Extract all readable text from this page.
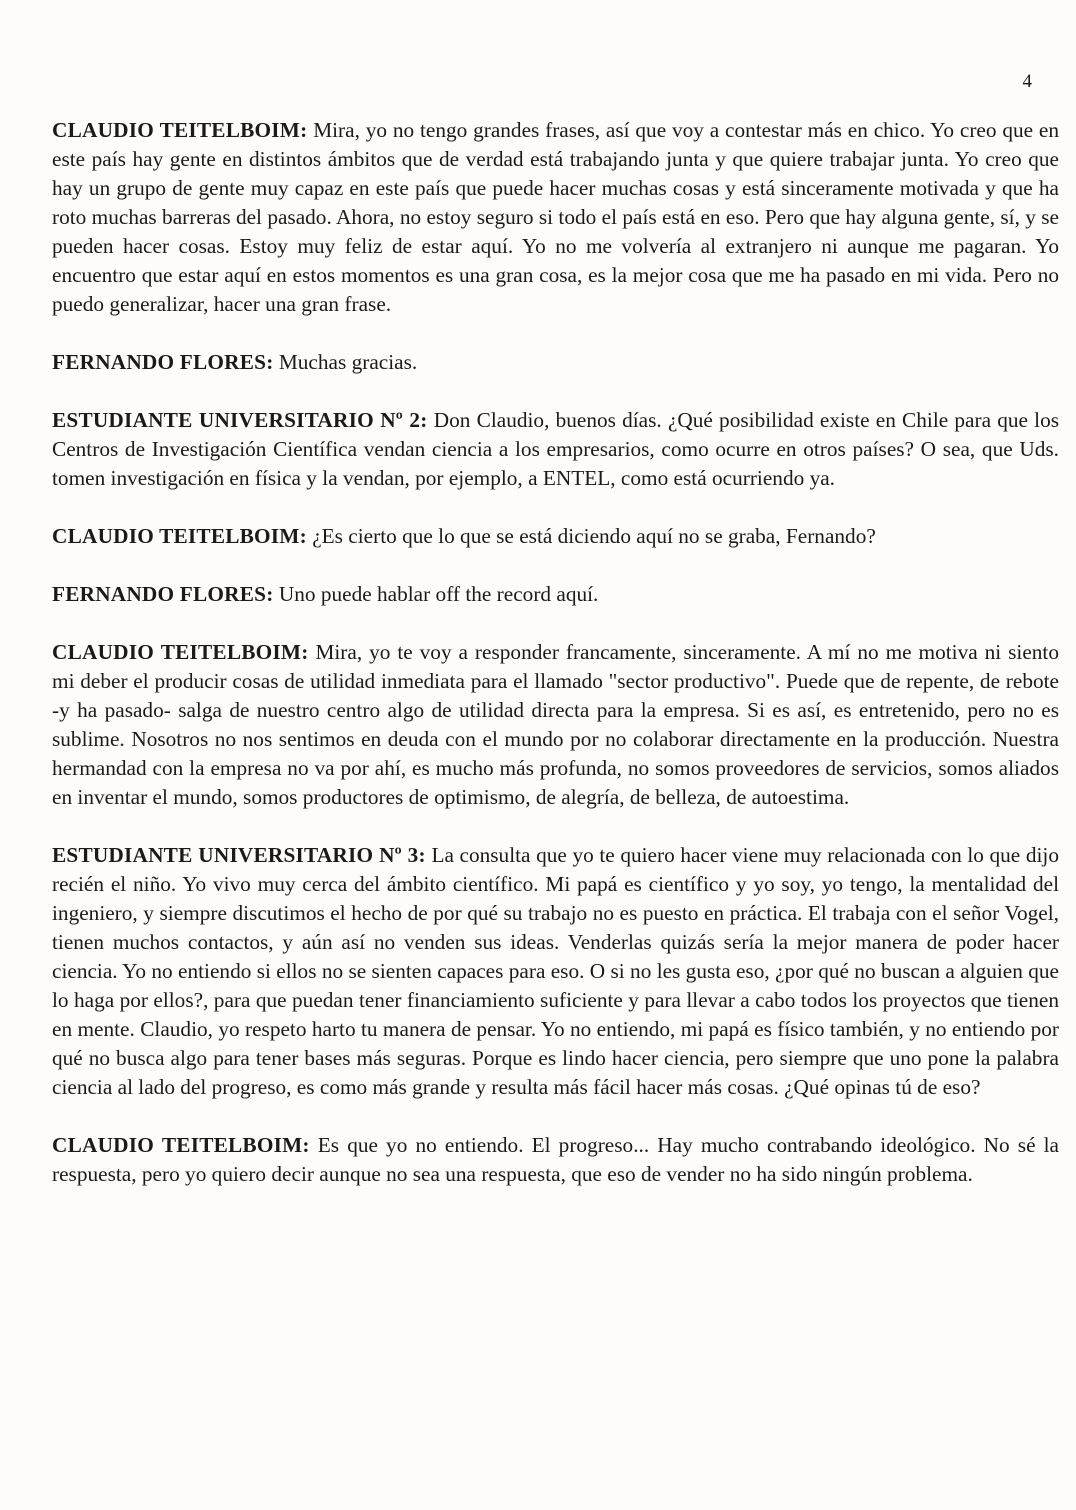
4

CLAUDIO TEITELBOIM: Mira, yo no tengo grandes frases, así que voy a contestar más en chico. Yo creo que en este país hay gente en distintos ámbitos que de verdad está trabajando junta y que quiere trabajar junta. Yo creo que hay un grupo de gente muy capaz en este país que puede hacer muchas cosas y está sinceramente motivada y que ha roto muchas barreras del pasado. Ahora, no estoy seguro si todo el país está en eso. Pero que hay alguna gente, sí, y se pueden hacer cosas. Estoy muy feliz de estar aquí. Yo no me volvería al extranjero ni aunque me pagaran. Yo encuentro que estar aquí en estos momentos es una gran cosa, es la mejor cosa que me ha pasado en mi vida. Pero no puedo generalizar, hacer una gran frase.

FERNANDO FLORES: Muchas gracias.

ESTUDIANTE UNIVERSITARIO Nº 2: Don Claudio, buenos días. ¿Qué posibilidad existe en Chile para que los Centros de Investigación Científica vendan ciencia a los empresarios, como ocurre en otros países? O sea, que Uds. tomen investigación en física y la vendan, por ejemplo, a ENTEL, como está ocurriendo ya.

CLAUDIO TEITELBOIM: ¿Es cierto que lo que se está diciendo aquí no se graba, Fernando?

FERNANDO FLORES: Uno puede hablar off the record aquí.

CLAUDIO TEITELBOIM: Mira, yo te voy a responder francamente, sinceramente. A mí no me motiva ni siento mi deber el producir cosas de utilidad inmediata para el llamado "sector productivo". Puede que de repente, de rebote -y ha pasado- salga de nuestro centro algo de utilidad directa para la empresa. Si es así, es entretenido, pero no es sublime. Nosotros no nos sentimos en deuda con el mundo por no colaborar directamente en la producción. Nuestra hermandad con la empresa no va por ahí, es mucho más profunda, no somos proveedores de servicios, somos aliados en inventar el mundo, somos productores de optimismo, de alegría, de belleza, de autoestima.

ESTUDIANTE UNIVERSITARIO Nº 3: La consulta que yo te quiero hacer viene muy relacionada con lo que dijo recién el niño. Yo vivo muy cerca del ámbito científico. Mi papá es científico y yo soy, yo tengo, la mentalidad del ingeniero, y siempre discutimos el hecho de por qué su trabajo no es puesto en práctica. El trabaja con el señor Vogel, tienen muchos contactos, y aún así no venden sus ideas. Venderlas quizás sería la mejor manera de poder hacer ciencia. Yo no entiendo si ellos no se sienten capaces para eso. O si no les gusta eso, ¿por qué no buscan a alguien que lo haga por ellos?, para que puedan tener financiamiento suficiente y para llevar a cabo todos los proyectos que tienen en mente. Claudio, yo respeto harto tu manera de pensar. Yo no entiendo, mi papá es físico también, y no entiendo por qué no busca algo para tener bases más seguras. Porque es lindo hacer ciencia, pero siempre que uno pone la palabra ciencia al lado del progreso, es como más grande y resulta más fácil hacer más cosas. ¿Qué opinas tú de eso?

CLAUDIO TEITELBOIM: Es que yo no entiendo. El progreso... Hay mucho contrabando ideológico. No sé la respuesta, pero yo quiero decir aunque no sea una respuesta, que eso de vender no ha sido ningún problema.
